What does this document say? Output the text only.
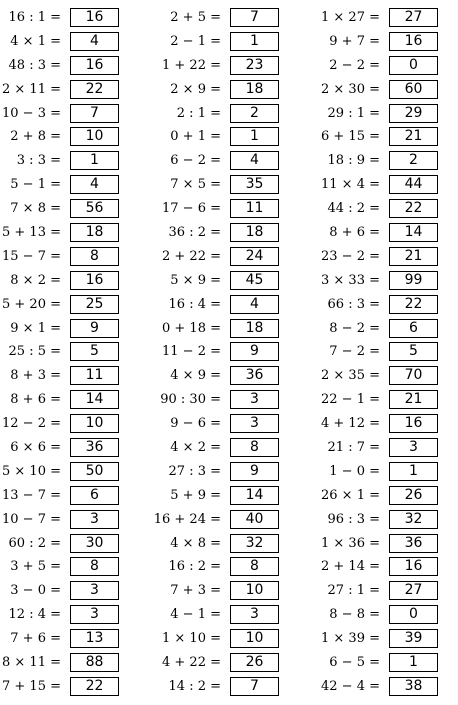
16 : 1 =	16
4 × 1 =	4
48 : 3 =	16
2 × 11 =	22
10 − 3 =	7
2 + 8 =	10
3 : 3 =	1
5 − 1 =	4
7 × 8 =	56
5 + 13 =	18
15 − 7 =	8
8 × 2 =	16
5 + 20 =	25
9 × 1 =	9
25 : 5 =	5
8 + 3 =	11
8 + 6 =	14
12 − 2 =	10
6 × 6 =	36
5 × 10 =	50
13 − 7 =	6
10 − 7 =	3
60 : 2 =	30
3 + 5 =	8
3 − 0 =	3
12 : 4 =	3
7 + 6 =	13
8 × 11 =	88
7 + 15 =	22
2 + 5 =	7
2 − 1 =	1
1 + 22 =	23
2 × 9 =	18
2 : 1 =	2
0 + 1 =	1
6 − 2 =	4
7 × 5 =	35
17 − 6 =	11
36 : 2 =	18
2 + 22 =	24
5 × 9 =	45
16 : 4 =	4
0 + 18 =	18
11 − 2 =	9
4 × 9 =	36
90 : 30 =	3
9 − 6 =	3
4 × 2 =	8
27 : 3 =	9
5 + 9 =	14
16 + 24 =	40
4 × 8 =	32
16 : 2 =	8
7 + 3 =	10
4 − 1 =	3
1 × 10 =	10
4 + 22 =	26
14 : 2 =	7
1 × 27 =	27
9 + 7 =	16
2 − 2 =	0
2 × 30 =	60
29 : 1 =	29
6 + 15 =	21
18 : 9 =	2
11 × 4 =	44
44 : 2 =	22
8 + 6 =	14
23 − 2 =	21
3 × 33 =	99
66 : 3 =	22
8 − 2 =	6
7 − 2 =	5
2 × 35 =	70
22 − 1 =	21
4 + 12 =	16
21 : 7 =	3
1 − 0 =	1
26 × 1 =	26
96 : 3 =	32
1 × 36 =	36
2 + 14 =	16
27 : 1 =	27
8 − 8 =	0
1 × 39 =	39
6 − 5 =	1
42 − 4 =	38
